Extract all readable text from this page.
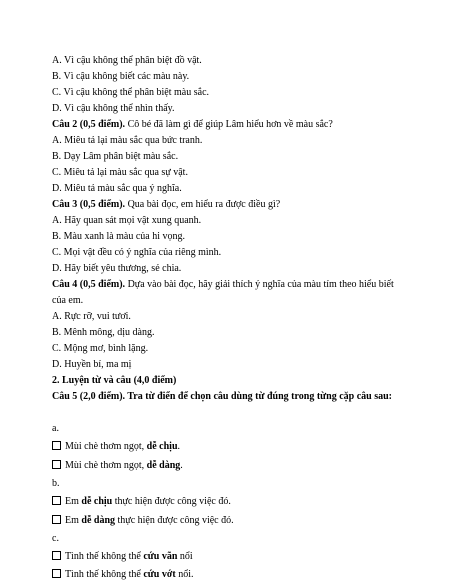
A. Vì cậu không thể phân biệt đồ vật.
B. Vì cậu không biết các màu này.
C. Vì cậu không thể phân biệt màu sắc.
D. Vì cậu không thể nhìn thấy.
Câu 2 (0,5 điểm). Cô bé đã làm gì để giúp Lâm hiểu hơn về màu sắc?
A. Miêu tả lại màu sắc qua bức tranh.
B. Dạy Lâm phân biệt màu sắc.
C. Miêu tả lại màu sắc qua sự vật.
D. Miêu tả màu sắc qua ý nghĩa.
Câu 3 (0,5 điểm). Qua bài đọc, em hiểu ra được điều gì?
A. Hãy quan sát mọi vật xung quanh.
B. Màu xanh là màu của hi vọng.
C. Mọi vật đều có ý nghĩa của riêng mình.
D. Hãy biết yêu thương, sẻ chia.
Câu 4 (0,5 điểm). Dựa vào bài đọc, hãy giải thích ý nghĩa của màu tím theo hiểu biết của em.
A. Rực rỡ, vui tươi.
B. Mênh mông, dịu dàng.
C. Mộng mơ, bình lặng.
D. Huyền bí, ma mị
2. Luyện từ và câu (4,0 điểm)
Câu 5 (2,0 điểm). Tra từ điển để chọn câu dùng từ đúng trong từng cặp câu sau:
a.
Mùi chè thơm ngọt, dễ chịu.
Mùi chè thơm ngọt, dễ dàng.
b.
Em dễ chịu thực hiện được công việc đó.
Em dễ dàng thực hiện được công việc đó.
c.
Tình thế không thể cứu vãn nổi
Tình thế không thể cứu vớt nổi.
